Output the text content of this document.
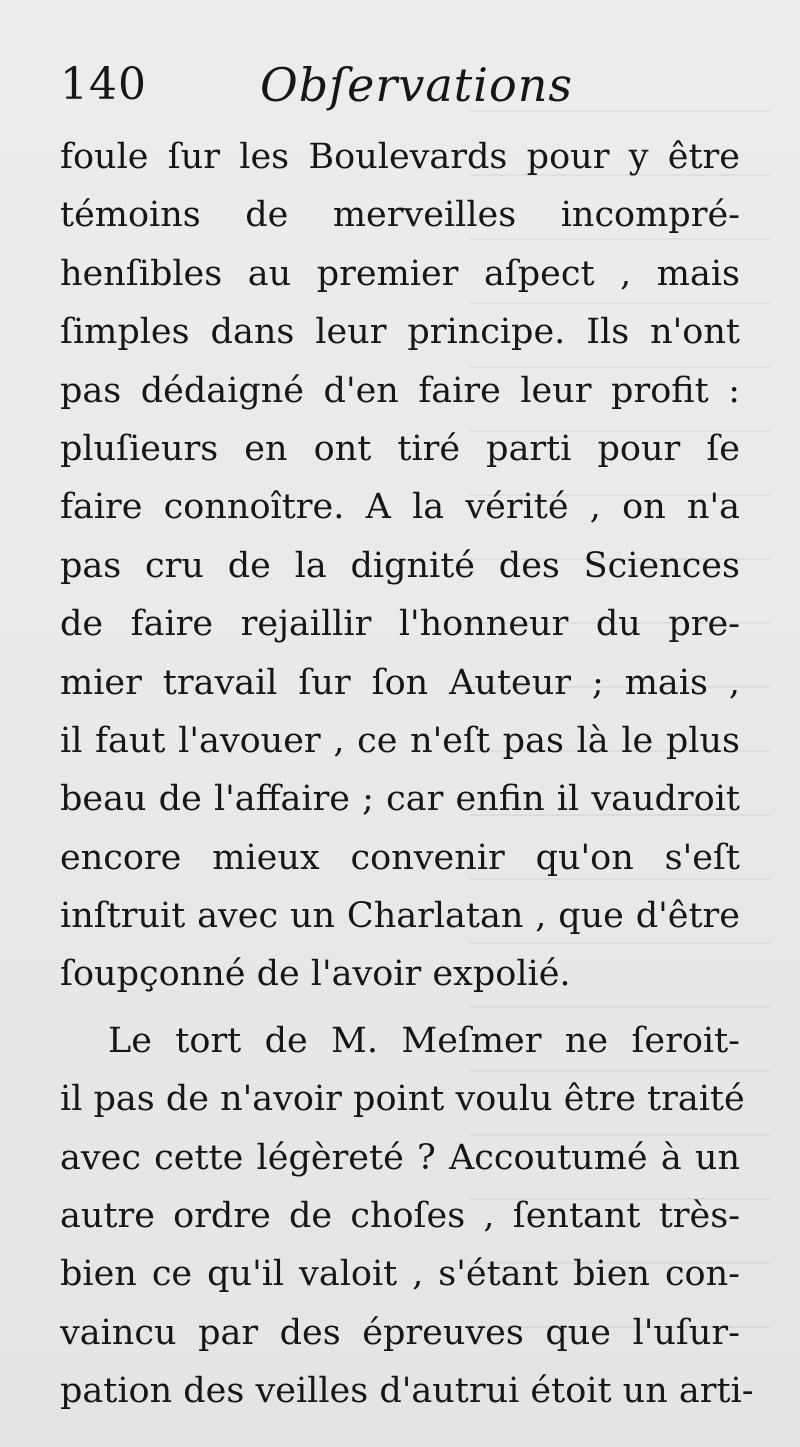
140 Obſervations
foule ſur les Boulevards pour y être
témoins de merveilles incompré-
henſibles au premier aſpect , mais
ſimples dans leur principe. Ils n'ont
pas dédaigné d'en faire leur profit :
pluſieurs en ont tiré parti pour ſe
faire connoître. A la vérité , on n'a
pas cru de la dignité des Sciences
de faire rejaillir l'honneur du pre-
mier travail ſur ſon Auteur ; mais ,
il faut l'avouer , ce n'eſt pas là le plus
beau de l'affaire ; car enfin il vaudroit
encore mieux convenir qu'on s'eſt
inſtruit avec un Charlatan , que d'être
ſoupçonné de l'avoir expolié.
Le tort de M. Meſmer ne ſeroit-
il pas de n'avoir point voulu être traité
avec cette légèreté ? Accoutumé à un
autre ordre de choſes , ſentant très-
bien ce qu'il valoit , s'étant bien con-
vaincu par des épreuves que l'uſur-
pation des veilles d'autrui étoit un arti-
